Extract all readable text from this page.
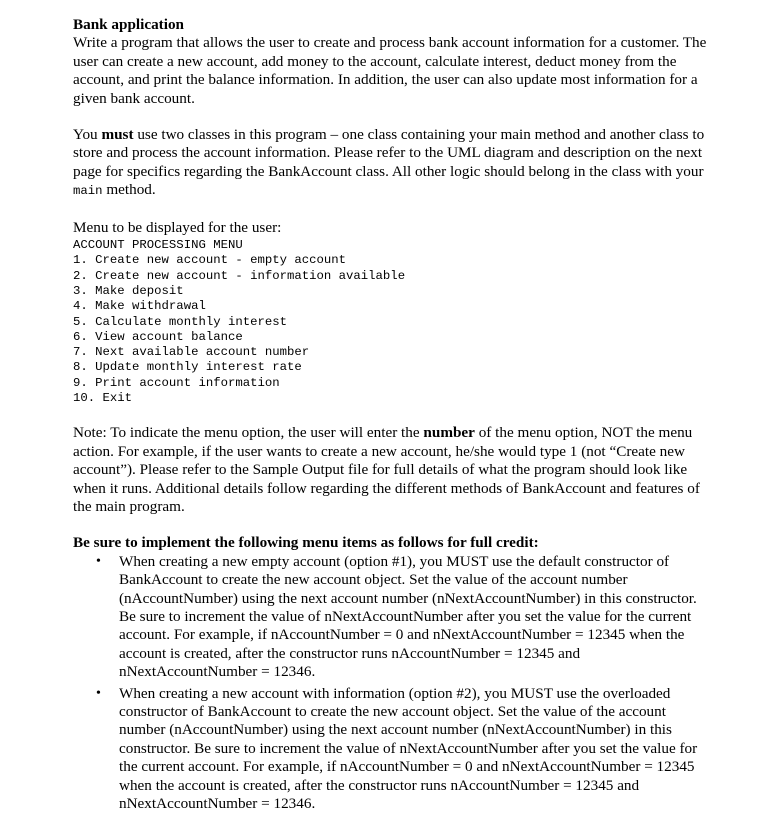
Bank application

Write a program that allows the user to create and process bank account information for a customer. The user can create a new account, add money to the account, calculate interest, deduct money from the account, and print the balance information. In addition, the user can also update most information for a given bank account.

You must use two classes in this program – one class containing your main method and another class to store and process the account information. Please refer to the UML diagram and description on the next page for specifics regarding the BankAccount class. All other logic should belong in the class with your main method.

Menu to be displayed for the user:

ACCOUNT PROCESSING MENU
1. Create new account - empty account
2. Create new account - information available
3. Make deposit
4. Make withdrawal
5. Calculate monthly interest
6. View account balance
7. Next available account number
8. Update monthly interest rate
9. Print account information
10. Exit

Note: To indicate the menu option, the user will enter the number of the menu option, NOT the menu action. For example, if the user wants to create a new account, he/she would type 1 (not “Create new account”). Please refer to the Sample Output file for full details of what the program should look like when it runs. Additional details follow regarding the different methods of BankAccount and features of the main program.

Be sure to implement the following menu items as follows for full credit:

• When creating a new empty account (option #1), you MUST use the default constructor of BankAccount to create the new account object. Set the value of the account number (nAccountNumber) using the next account number (nNextAccountNumber) in this constructor. Be sure to increment the value of nNextAccountNumber after you set the value for the current account. For example, if nAccountNumber = 0 and nNextAccountNumber = 12345 when the account is created, after the constructor runs nAccountNumber = 12345 and nNextAccountNumber = 12346.
• When creating a new account with information (option #2), you MUST use the overloaded constructor of BankAccount to create the new account object. Set the value of the account number (nAccountNumber) using the next account number (nNextAccountNumber) in this constructor. Be sure to increment the value of nNextAccountNumber after you set the value for the current account. For example, if nAccountNumber = 0 and nNextAccountNumber = 12345 when the account is created, after the constructor runs nAccountNumber = 12345 and nNextAccountNumber = 12346.
